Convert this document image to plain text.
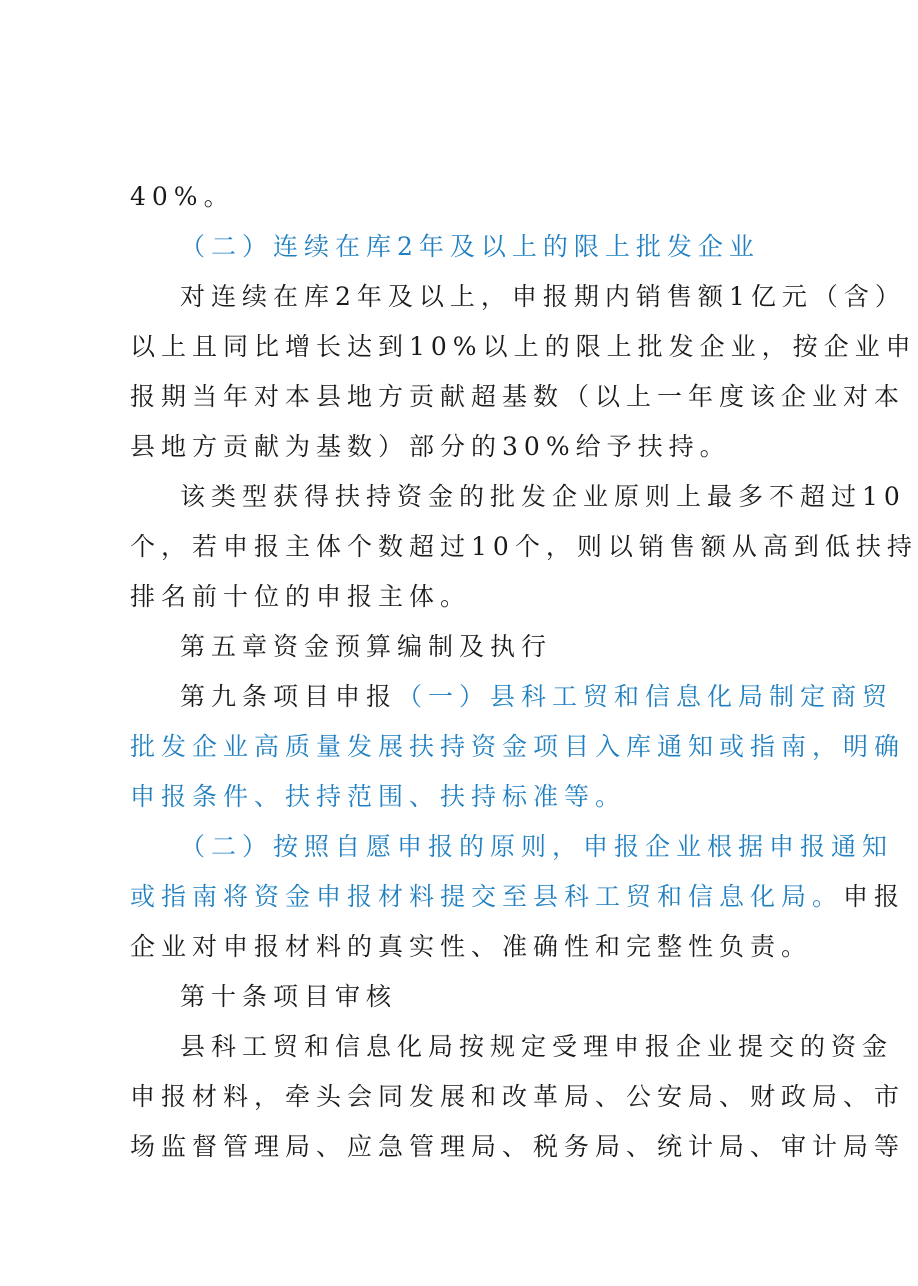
40%。
（二）连续在库2年及以上的限上批发企业
对连续在库2年及以上，申报期内销售额1亿元（含）
以上且同比增长达到10%以上的限上批发企业，按企业申
报期当年对本县地方贡献超基数（以上一年度该企业对本
县地方贡献为基数）部分的30%给予扶持。
该类型获得扶持资金的批发企业原则上最多不超过10
个，若申报主体个数超过10个，则以销售额从高到低扶持
排名前十位的申报主体。
第五章资金预算编制及执行
第九条项目申报（一）县科工贸和信息化局制定商贸
批发企业高质量发展扶持资金项目入库通知或指南，明确
申报条件、扶持范围、扶持标准等。
（二）按照自愿申报的原则，申报企业根据申报通知
或指南将资金申报材料提交至县科工贸和信息化局。申报
企业对申报材料的真实性、准确性和完整性负责。
第十条项目审核
县科工贸和信息化局按规定受理申报企业提交的资金
申报材料，牵头会同发展和改革局、公安局、财政局、市
场监督管理局、应急管理局、税务局、统计局、审计局等
